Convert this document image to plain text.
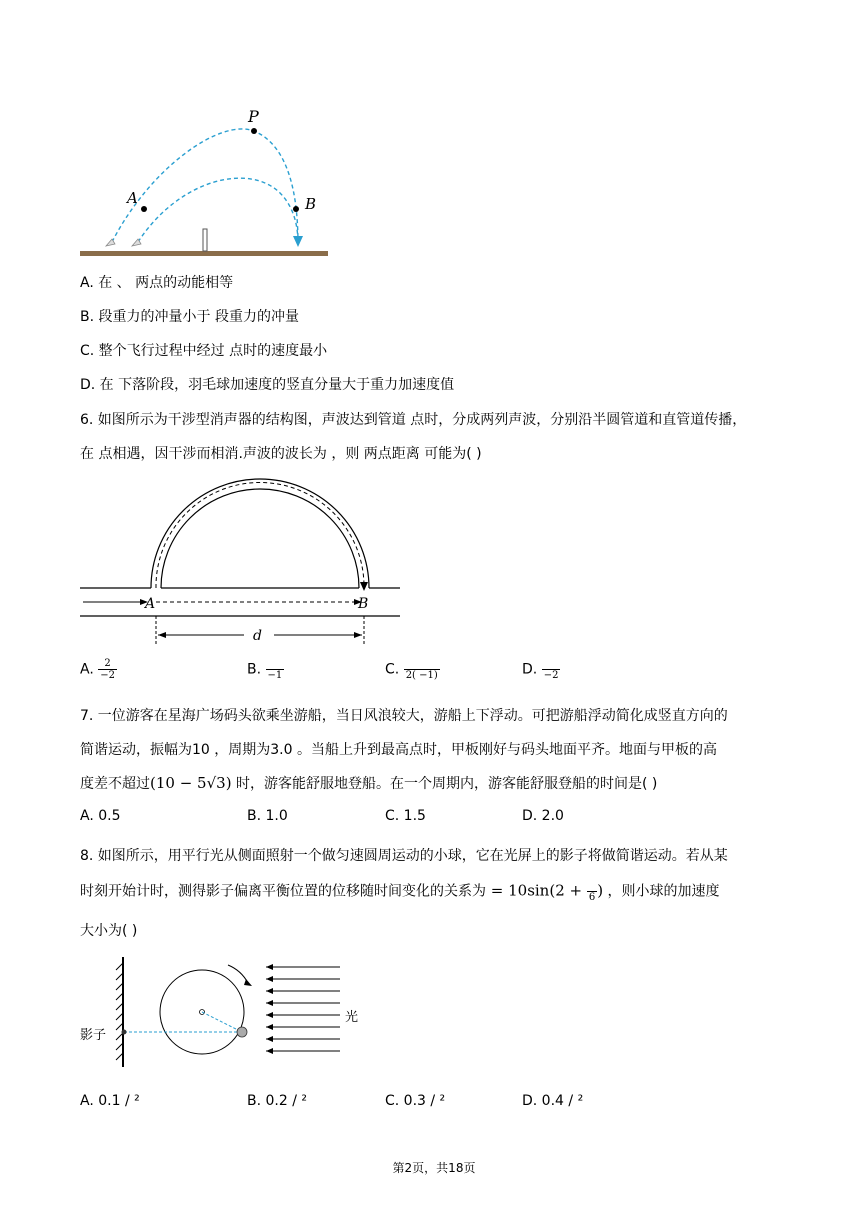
P
A	B
A. 在 、 两点的动能相等
B. 段重力的冲量小于 段重力的冲量
C. 整个飞行过程中经过 点时的速度最小
D. 在 下落阶段，羽毛球加速度的竖直分量大于重力加速度值
6. 如图所示为干涉型消声器的结构图，声波达到管道 点时，分成两列声波，分别沿半圆管道和直管道传播，
在 点相遇，因干涉而相消.声波的波长为 ，则 两点距离 可能为( )
A	B
d
A. $\frac{2}{-2}$	B.
−1	C.
2( −1)	D.
−2
7. 一位游客在星海广场码头欲乘坐游船，当日风浪较大，游船上下浮动。可把游船浮动简化成竖直方向的
简谐运动，振幅为10 ，周期为3.0 。当船上升到最高点时，甲板刚好与码头地面平齐。地面与甲板的高
度差不超过(10 − 5√3) 时，游客能舒服地登船。在一个周期内，游客能舒服登船的时间是( )
A. 0.5	B. 1.0	C. 1.5	D. 2.0
8. 如图所示，用平行光从侧面照射一个做匀速圆周运动的小球，它在光屏上的影子将做简谐运动。若从某
时刻开始计时，测得影子偏离平衡位置的位移随时间变化的关系为 = 10sin(2 +
6 ) ，则小球的加速度
大小为( )
影子
光
A. 0.1 / ²	B. 0.2 / ²	C. 0.3 / ²	D. 0.4 / ²
第2页，共18页
